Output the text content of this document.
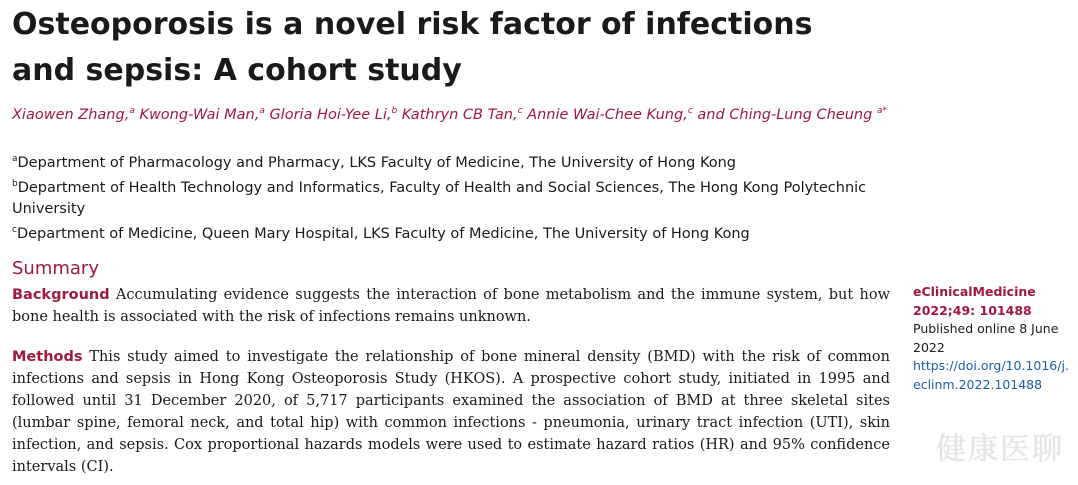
Osteoporosis is a novel risk factor of infections and sepsis: A cohort study
Xiaowen Zhang,$^a$ Kwong-Wai Man,$^a$ Gloria Hoi-Yee Li,$^b$ Kathryn CB Tan,$^c$ Annie Wai-Chee Kung,$^c$ and Ching-Lung Cheung $^{a*}$
$^a$Department of Pharmacology and Pharmacy, LKS Faculty of Medicine, The University of Hong Kong
$^b$Department of Health Technology and Informatics, Faculty of Health and Social Sciences, The Hong Kong Polytechnic University
$^c$Department of Medicine, Queen Mary Hospital, LKS Faculty of Medicine, The University of Hong Kong
Summary

Background Accumulating evidence suggests the interaction of bone metabolism and the immune system, but how bone health is associated with the risk of infections remains unknown.

Methods This study aimed to investigate the relationship of bone mineral density (BMD) with the risk of common infections and sepsis in Hong Kong Osteoporosis Study (HKOS). A prospective cohort study, initiated in 1995 and followed until 31 December 2020, of 5,717 participants examined the association of BMD at three skeletal sites (lumbar spine, femoral neck, and total hip) with common infections - pneumonia, urinary tract infection (UTI), skin infection, and sepsis. Cox proportional hazards models were used to estimate hazard ratios (HR) and 95% confidence intervals (CI).

eClinicalMedicine
2022;49: 101488
Published online 8 June 2022
https://doi.org/10.1016/j.eclinm.2022.101488
健康医聊
